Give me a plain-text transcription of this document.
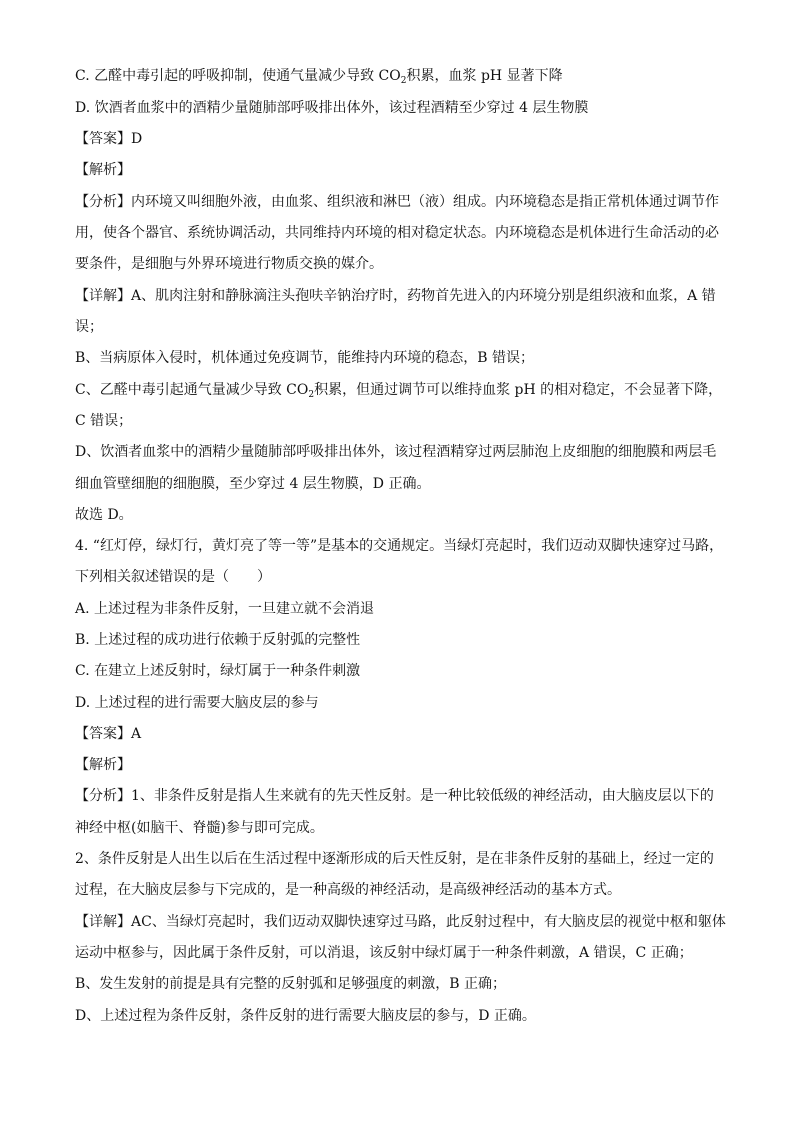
C. 乙醛中毒引起的呼吸抑制，使通气量减少导致 $CO_2$积累，血浆 pH 显著下降
D. 饮酒者血浆中的酒精少量随肺部呼吸排出体外，该过程酒精至少穿过 4 层生物膜
【答案】D
【解析】
【分析】内环境又叫细胞外液，由血浆、组织液和淋巴（液）组成。内环境稳态是指正常机体通过调节作
用，使各个器官、系统协调活动，共同维持内环境的相对稳定状态。内环境稳态是机体进行生命活动的必
要条件，是细胞与外界环境进行物质交换的媒介。
【详解】A、肌肉注射和静脉滴注头孢呋辛钠治疗时，药物首先进入的内环境分别是组织液和血浆，A 错
误；
B、当病原体入侵时，机体通过免疫调节，能维持内环境的稳态，B 错误；
C、乙醛中毒引起通气量减少导致 $CO_2$积累，但通过调节可以维持血浆 pH 的相对稳定，不会显著下降，
C 错误；
D、饮酒者血浆中的酒精少量随肺部呼吸排出体外，该过程酒精穿过两层肺泡上皮细胞的细胞膜和两层毛
细血管壁细胞的细胞膜，至少穿过 4 层生物膜，D 正确。
故选 D。
4. “红灯停，绿灯行，黄灯亮了等一等”是基本的交通规定。当绿灯亮起时，我们迈动双脚快速穿过马路，
下列相关叙述错误的是（　　）
A. 上述过程为非条件反射，一旦建立就不会消退
B. 上述过程的成功进行依赖于反射弧的完整性
C. 在建立上述反射时，绿灯属于一种条件刺激
D. 上述过程的进行需要大脑皮层的参与
【答案】A
【解析】
【分析】1、非条件反射是指人生来就有的先天性反射。是一种比较低级的神经活动，由大脑皮层以下的
神经中枢(如脑干、脊髓)参与即可完成。
2、条件反射是人出生以后在生活过程中逐渐形成的后天性反射，是在非条件反射的基础上，经过一定的
过程，在大脑皮层参与下完成的，是一种高级的神经活动，是高级神经活动的基本方式。
【详解】AC、当绿灯亮起时，我们迈动双脚快速穿过马路，此反射过程中，有大脑皮层的视觉中枢和躯体
运动中枢参与，因此属于条件反射，可以消退，该反射中绿灯属于一种条件刺激，A 错误，C 正确；
B、发生发射的前提是具有完整的反射弧和足够强度的刺激，B 正确；
D、上述过程为条件反射，条件反射的进行需要大脑皮层的参与，D 正确。
